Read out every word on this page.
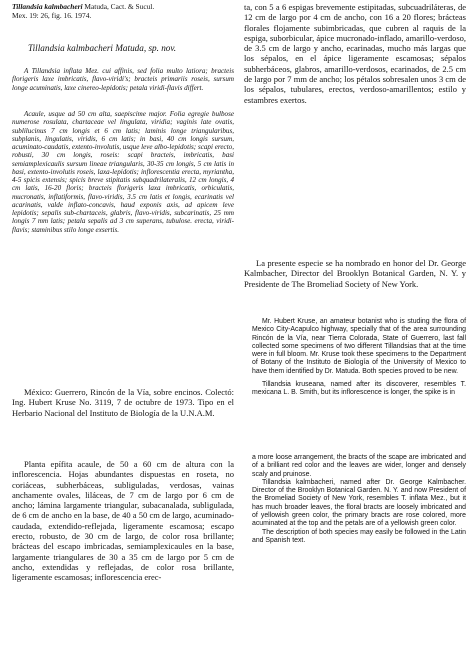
Tillandsia kalmbacheri Matuda, Cact. & Sucul.
Mex. 19: 26, fig. 16. 1974.
Tillandsia kalmbacheri Matuda, sp. nov.

A Tillandsia inflata Mez. cui affinis, sed folia multo latiora; bracteis florigeris laxe imbricatis, flavo-viridi's; bracteis primariis roseis, sursum longe acuminatis, laxe cinereo-lepidotis; petala viridi-flavis differt.

Acaule, usque ad 50 cm alta, saepiscime major. Folia egregie bulbose numerose rosulata, chartaceae vel lingulata, viridia; vaginis late ovatis, sublilucinus 7 cm longis et 6 cm latis; laminis longe triangularibus, subplanis, lingulatis, viridis, 6 cm latis; in basi, 40 cm longis sursum, acuminato-caudatis, extento-involutis, usque leve albo-lepidotis; scapi erecto, robusti, 30 cm longis, roseis: scapi bracteis, imbricatis, basi semiamplexicaulis sursum lineae triangularis, 30-35 cm longis, 5 cm latis in basi, extento-involutis roseis, laxa-lepidotis; inflorescentia erecta, myriantha, 4-5 spicis extensis; spicis breve stipitatis subquadrilateralis, 12 cm longis, 4 cm latis, 16-20 floris; bracteis florigeris laxa imbricatis, orbiculatis, mucronatis, inflatiformis, flavo-viridis, 3.5 cm latis et longis, ecarinatis vel acarinatis, valde inflato-concavis, haud exponis axis, ad apicem leve lepidotis; sepalis sub-chartaceis, glabris, flavo-viridis, subcarinatis, 25 mm longis 7 mm latis; petala sepalis ad 3 cm superans, tubulose. erecta, viridi-flavis; staminibus stilo longe exsertis.

México: Guerrero, Rincón de la Vía, sobre encinos. Colectó: Ing. Hubert Kruse No. 3119, 7 de octubre de 1973. Tipo en el Herbario Nacional del Instituto de Biología de la U.N.A.M.

Planta epífita acaule, de 50 a 60 cm de altura con la inflorescencia. Hojas abundantes dispuestas en roseta, no coriáceas, subherbáceas, subliguladas, verdosas, vainas anchamente ovales, liláceas, de 7 cm de largo por 6 cm de ancho; lámina largamente triangular, subacanalada, subligulada, de 6 cm de ancho en la base, de 40 a 50 cm de largo, acuminado-caudada, extendido-reflejada, ligeramente escamosa; escapo erecto, robusto, de 30 cm de largo, de color rosa brillante; brácteas del escapo imbricadas, semiamplexicaules en la base, largamente triangulares de 30 a 35 cm de largo por 5 cm de ancho, extendidas y reflejadas, de color rosa brillante, ligeramente escamosas; inflorescencia erec-

ta, con 5 a 6 espigas brevemente estipitadas, subcuadriláteras, de 12 cm de largo por 4 cm de ancho, con 16 a 20 flores; brácteas florales flojamente subimbricadas, que cubren al raquis de la espiga, suborbicular, ápice mucronado-inflado, amarillo-verdoso, de 3.5 cm de largo y ancho, ecarinadas, mucho más largas que los sépalos, en el ápice ligeramente escamosas; sépalos subherbáceos, glabros, amarillo-verdosos, ecarinados, de 2.5 cm de largo por 7 mm de ancho; los pétalos sobresalen unos 3 cm de los sépalos, tubulares, erectos, verdoso-amarillentos; estilo y estambres exertos.

La presente especie se ha nombrado en honor del Dr. George Kalmbacher, Director del Brooklyn Botanical Garden, N. Y. y Presidente de The Bromeliad Society of New York.

Mr. Hubert Kruse, an amateur botanist who is studing the flora of Mexico City-Acapulco highway, specially that of the area surrounding Rincón de la Vía, near Tierra Colorada, State of Guerrero, last fall collected some specimens of two different Tillandsias that at the time were in full bloom. Mr. Kruse took these specimens to the Department of Botany of the Instituto de Biología of the University of Mexico to have them identified by Dr. Matuda. Both species proved to be new.

Tillandsia kruseana, named after its discoverer, resembles T. mexicana L. B. Smith, but its inflorescence is longer, the spike is in

a more loose arrangement, the bracts of the scape are imbricated and of a brilliant red color and the leaves are wider, longer and densely scaly and pruinose.

Tillandsia kalmbacheri, named after Dr. George Kalmbacher. Director of the Brooklyn Botanical Garden. N. Y. and now President of the Bromeliad Society of New York, resembles T. inflata Mez., but it has much broader leaves, the floral bracts are loosely imbricated and of yellowish green color, the primary bracts are rose colored, more acuminated at the top and the petals are of a yellowish green color.

The description of both species may easily be followed in the Latin and Spanish text.
